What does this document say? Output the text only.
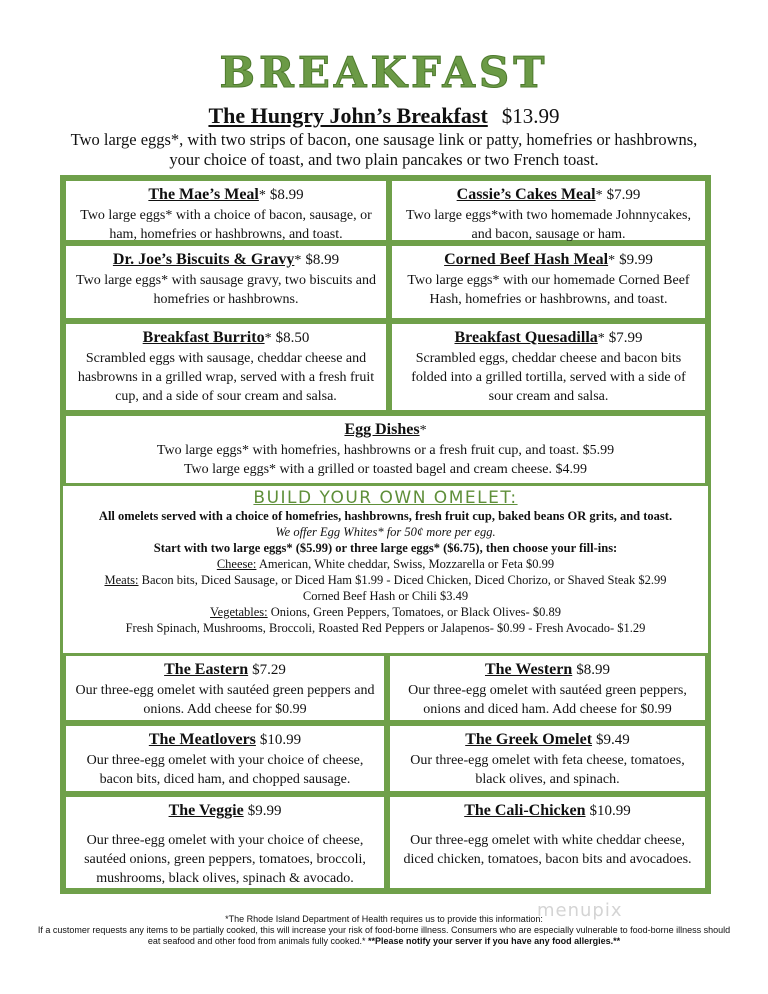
BREAKFAST
The Hungry John’s Breakfast $13.99
Two large eggs*, with two strips of bacon, one sausage link or patty, homefries or hashbrowns, your choice of toast, and two plain pancakes or two French toast.
The Mae’s Meal* $8.99
Two large eggs* with a choice of bacon, sausage, or ham, homefries or hashbrowns, and toast.
Cassie’s Cakes Meal* $7.99
Two large eggs*with two homemade Johnnycakes, and bacon, sausage or ham.
Dr. Joe’s Biscuits & Gravy* $8.99
Two large eggs* with sausage gravy, two biscuits and homefries or hashbrowns.
Corned Beef Hash Meal* $9.99
Two large eggs* with our homemade Corned Beef Hash, homefries or hashbrowns, and toast.
Breakfast Burrito* $8.50
Scrambled eggs with sausage, cheddar cheese and hasbrowns in a grilled wrap, served with a fresh fruit cup, and a side of sour cream and salsa.
Breakfast Quesadilla* $7.99
Scrambled eggs, cheddar cheese and bacon bits folded into a grilled tortilla, served with a side of sour cream and salsa.
Egg Dishes*
Two large eggs* with homefries, hashbrowns or a fresh fruit cup, and toast. $5.99
Two large eggs* with a grilled or toasted bagel and cream cheese. $4.99
BUILD YOUR OWN OMELET:
All omelets served with a choice of homefries, hashbrowns, fresh fruit cup, baked beans OR grits, and toast.
We offer Egg Whites* for 50¢ more per egg.
Start with two large eggs* ($5.99) or three large eggs* ($6.75), then choose your fill-ins:
Cheese: American, White cheddar, Swiss, Mozzarella or Feta $0.99
Meats: Bacon bits, Diced Sausage, or Diced Ham $1.99 - Diced Chicken, Diced Chorizo, or Shaved Steak $2.99
Corned Beef Hash or Chili $3.49
Vegetables: Onions, Green Peppers, Tomatoes, or Black Olives- $0.89
Fresh Spinach, Mushrooms, Broccoli, Roasted Red Peppers or Jalapenos- $0.99 - Fresh Avocado- $1.29
The Eastern $7.29
Our three-egg omelet with sautéed green peppers and onions. Add cheese for $0.99
The Western $8.99
Our three-egg omelet with sautéed green peppers, onions and diced ham. Add cheese for $0.99
The Meatlovers $10.99
Our three-egg omelet with your choice of cheese, bacon bits, diced ham, and chopped sausage.
The Greek Omelet $9.49
Our three-egg omelet with feta cheese, tomatoes, black olives, and spinach.
The Veggie $9.99
Our three-egg omelet with your choice of cheese, sautéed onions, green peppers, tomatoes, broccoli, mushrooms, black olives, spinach & avocado.
The Cali-Chicken $10.99
Our three-egg omelet with white cheddar cheese, diced chicken, tomatoes, bacon bits and avocadoes.
menupix
*The Rhode Island Department of Health requires us to provide this information:
If a customer requests any items to be partially cooked, this will increase your risk of food-borne illness. Consumers who are especially vulnerable to food-borne illness should
eat seafood and other food from animals fully cooked.* **Please notify your server if you have any food allergies.**
